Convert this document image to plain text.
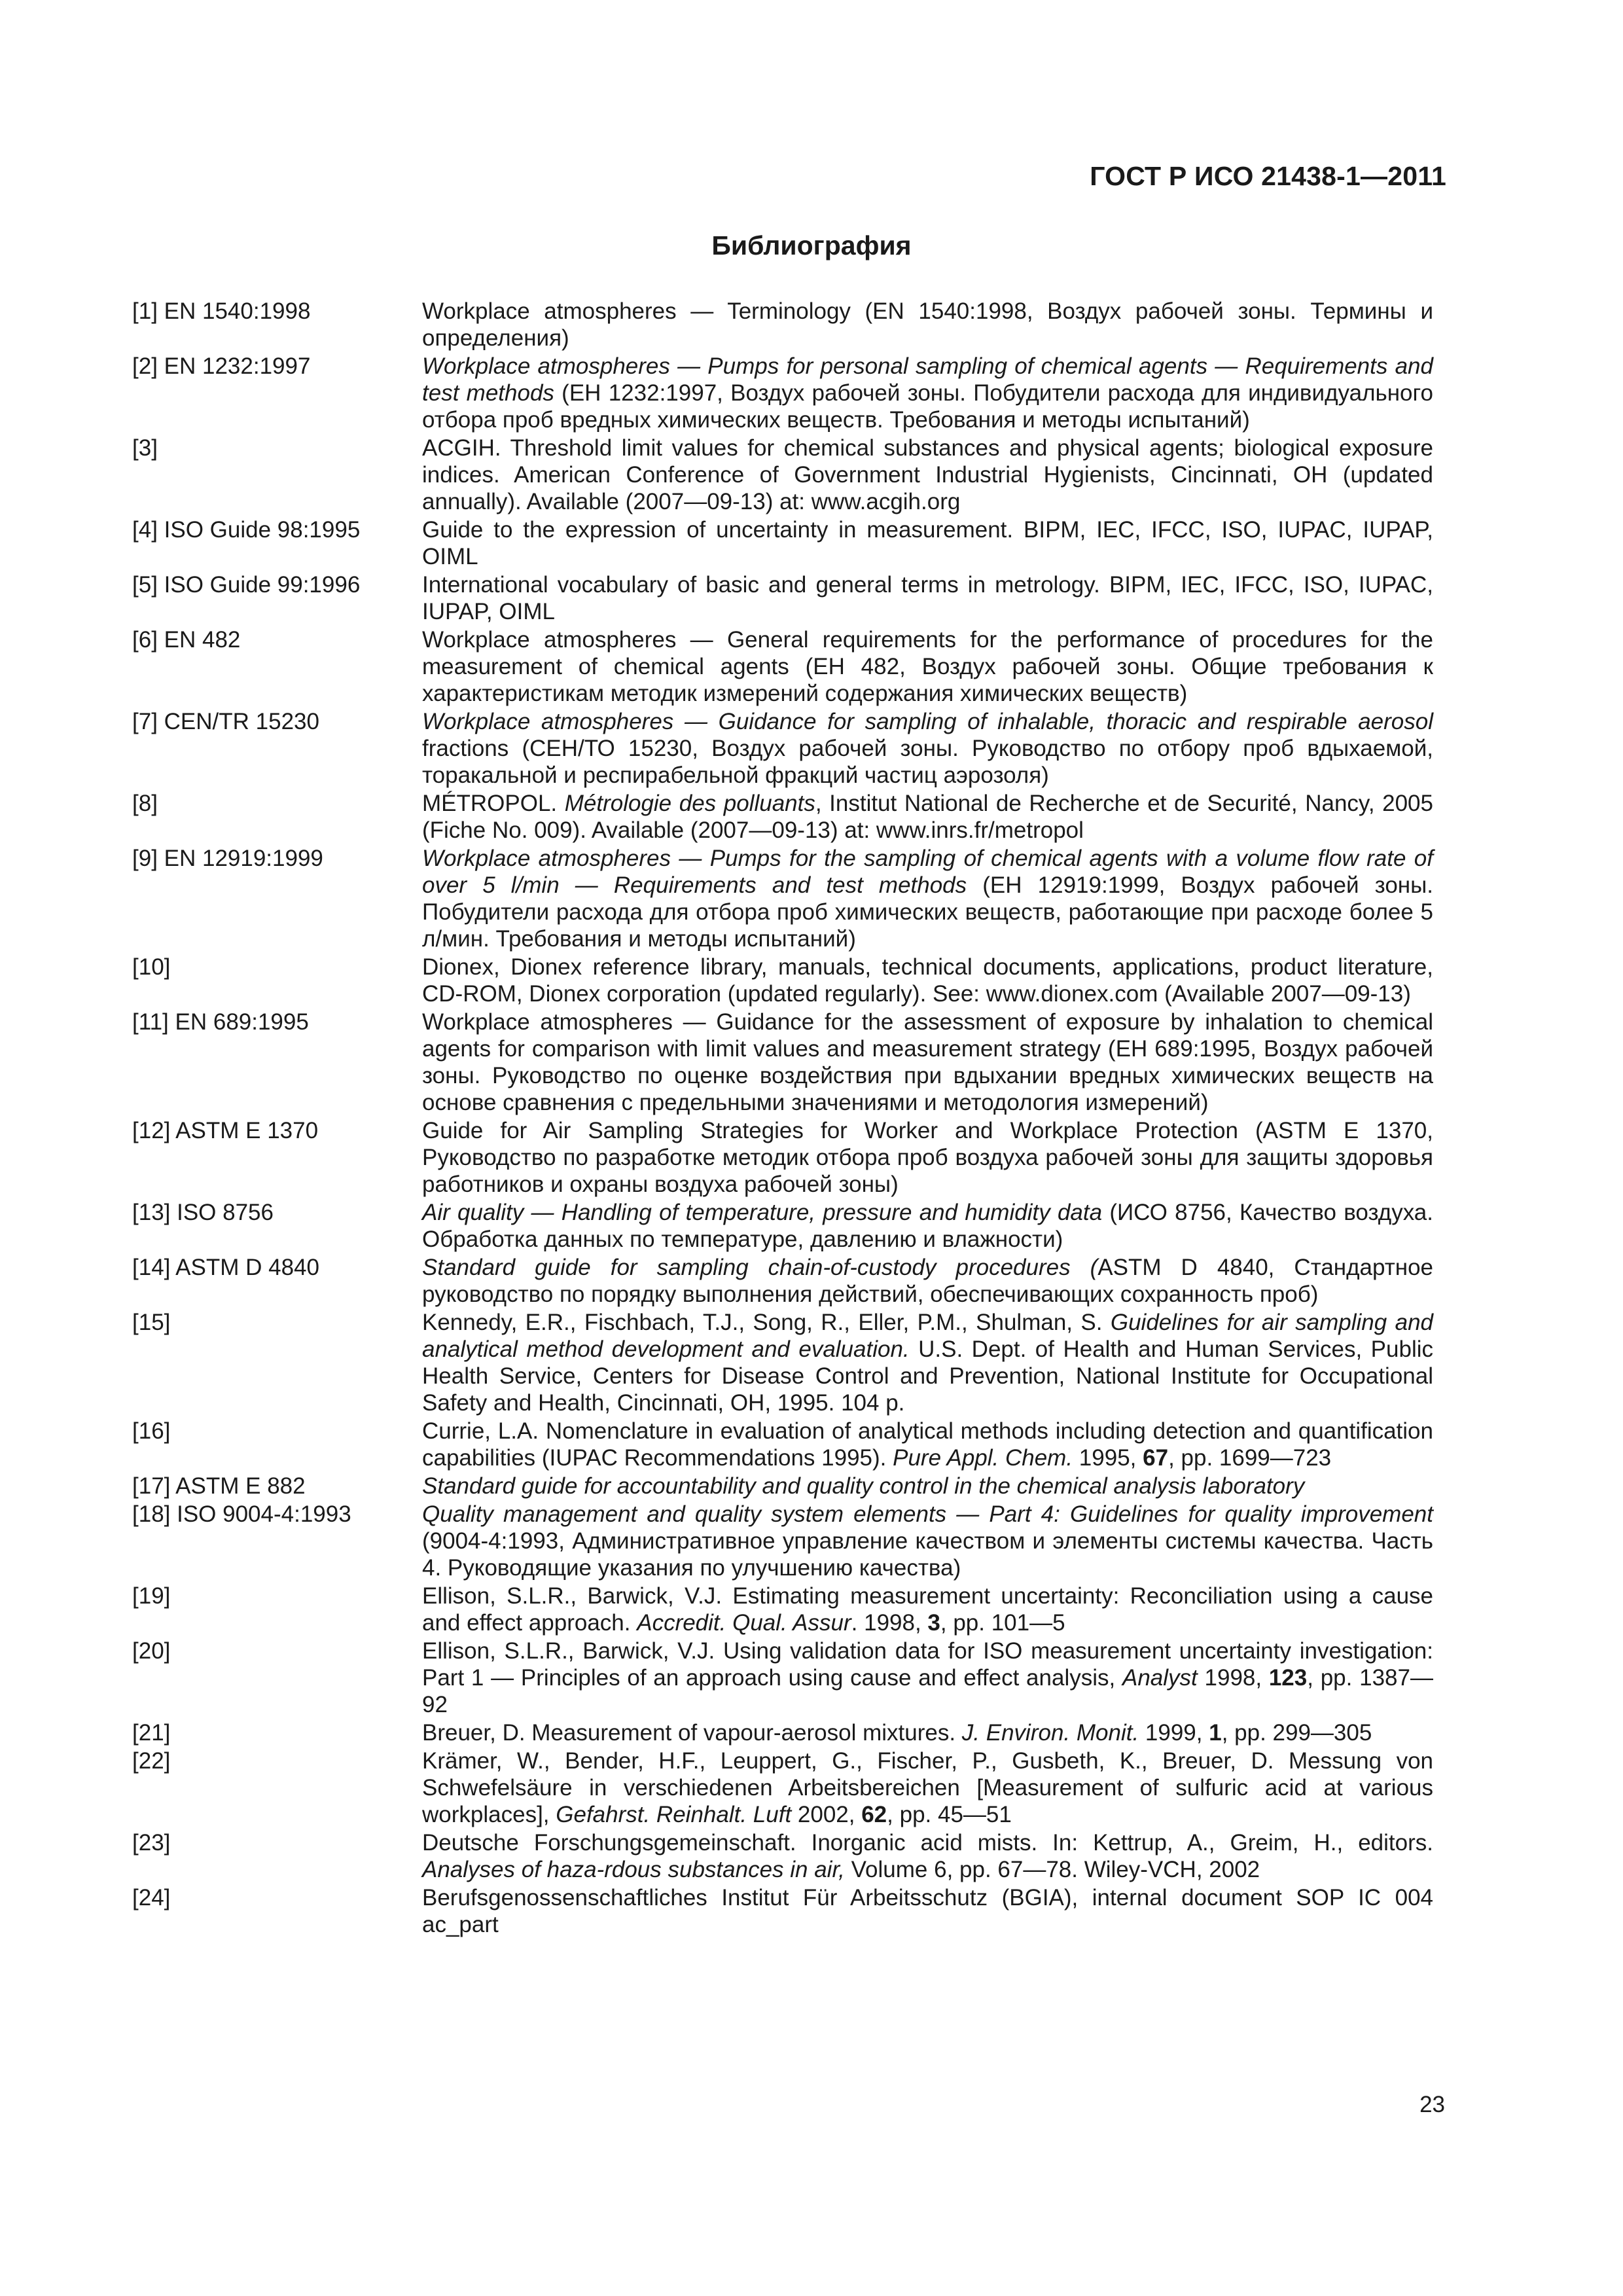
ГОСТ Р ИСО 21438-1—2011
Библиография
[1] EN 1540:1998	Workplace atmospheres — Terminology (EN 1540:1998, Воздух рабочей зоны. Термины и определения)
[2] EN 1232:1997	Workplace atmospheres — Pumps for personal sampling of chemical agents — Requirements and test methods (ЕН 1232:1997, Воздух рабочей зоны. Побудители расхода для индивидуального отбора проб вредных химических веществ. Требования и методы испытаний)
[3]	ACGIH. Threshold limit values for chemical substances and physical agents; biological exposure indices. American Conference of Government Industrial Hygienists, Cincinnati, OH (updated annually). Available (2007—09-13) at: www.acgih.org
[4] ISO Guide 98:1995	Guide to the expression of uncertainty in measurement. BIPM, IEC, IFCC, ISO, IUPAC, IUPAP, OIML
[5] ISO Guide 99:1996	International vocabulary of basic and general terms in metrology. BIPM, IEC, IFCC, ISO, IUPAC, IUPAP, OIML
[6] EN 482	Workplace atmospheres — General requirements for the performance of procedures for the measurement of chemical agents (ЕН 482, Воздух рабочей зоны. Общие требования к характеристикам методик измерений содержания химических веществ)
[7] CEN/TR 15230	Workplace atmospheres — Guidance for sampling of inhalable, thoracic and respirable aerosol fractions (СЕН/ТО 15230, Воздух рабочей зоны. Руководство по отбору проб вдыхаемой, торакальной и респирабельной фракций частиц аэрозоля)
[8]	MÉTROPOL. Métrologie des polluants, Institut National de Recherche et de Securité, Nancy, 2005 (Fiche No. 009). Available (2007—09-13) at: www.inrs.fr/metropol
[9] EN 12919:1999	Workplace atmospheres — Pumps for the sampling of chemical agents with a volume flow rate of over 5 l/min — Requirements and test methods (ЕН 12919:1999, Воздух рабочей зоны. Побудители расхода для отбора проб химических веществ, работающие при расходе более 5 л/мин. Требования и методы испытаний)
[10]	Dionex, Dionex reference library, manuals, technical documents, applications, product literature, CD-ROM, Dionex corporation (updated regularly). See: www.dionex.com (Available 2007—09-13)
[11] EN 689:1995	Workplace atmospheres — Guidance for the assessment of exposure by inhalation to chemical agents for comparison with limit values and measurement strategy (ЕН 689:1995, Воздух рабочей зоны. Руководство по оценке воздействия при вдыхании вредных химических веществ на основе сравнения с предельными значениями и методология измерений)
[12] ASTM E 1370	Guide for Air Sampling Strategies for Worker and Workplace Protection (ASTM E 1370, Руководство по разработке методик отбора проб воздуха рабочей зоны для защиты здоровья работников и охраны воздуха рабочей зоны)
[13] ISO 8756	Air quality — Handling of temperature, pressure and humidity data (ИСО 8756, Качество воздуха. Обработка данных по температуре, давлению и влажности)
[14] ASTM D 4840	Standard guide for sampling chain-of-custody procedures (ASTM D 4840, Стандартное руководство по порядку выполнения действий, обеспечивающих сохранность проб)
[15]	Kennedy, E.R., Fischbach, T.J., Song, R., Eller, P.M., Shulman, S. Guidelines for air sampling and analytical method development and evaluation. U.S. Dept. of Health and Human Services, Public Health Service, Centers for Disease Control and Prevention, National Institute for Occupational Safety and Health, Cincinnati, OH, 1995. 104 p.
[16]	Currie, L.A. Nomenclature in evaluation of analytical methods including detection and quantification capabilities (IUPAC Recommendations 1995). Pure Appl. Chem. 1995, 67, pp. 1699—723
[17] ASTM E 882	Standard guide for accountability and quality control in the chemical analysis laboratory
[18] ISO 9004-4:1993	Quality management and quality system elements — Part 4: Guidelines for quality improvement (9004-4:1993, Административное управление качеством и элементы системы качества. Часть 4. Руководящие указания по улучшению качества)
[19]	Ellison, S.L.R., Barwick, V.J. Estimating measurement uncertainty: Reconciliation using a cause and effect approach. Accredit. Qual. Assur. 1998, 3, pp. 101—5
[20]	Ellison, S.L.R., Barwick, V.J. Using validation data for ISO measurement uncertainty investigation: Part 1 — Principles of an approach using cause and effect analysis, Analyst 1998, 123, pp. 1387—92
[21]	Breuer, D. Measurement of vapour-aerosol mixtures. J. Environ. Monit. 1999, 1, pp. 299—305
[22]	Krämer, W., Bender, H.F., Leuppert, G., Fischer, P., Gusbeth, K., Breuer, D. Messung von Schwefelsäure in verschiedenen Arbeitsbereichen [Measurement of sulfuric acid at various workplaces], Gefahrst. Reinhalt. Luft 2002, 62, pp. 45—51
[23]	Deutsche Forschungsgemeinschaft. Inorganic acid mists. In: Kettrup, A., Greim, H., editors. Analyses of haza-rdous substances in air, Volume 6, pp. 67—78. Wiley-VCH, 2002
[24]	Berufsgenossenschaftliches Institut Für Arbeitsschutz (BGIA), internal document SOP IC 004 ac_part
23
